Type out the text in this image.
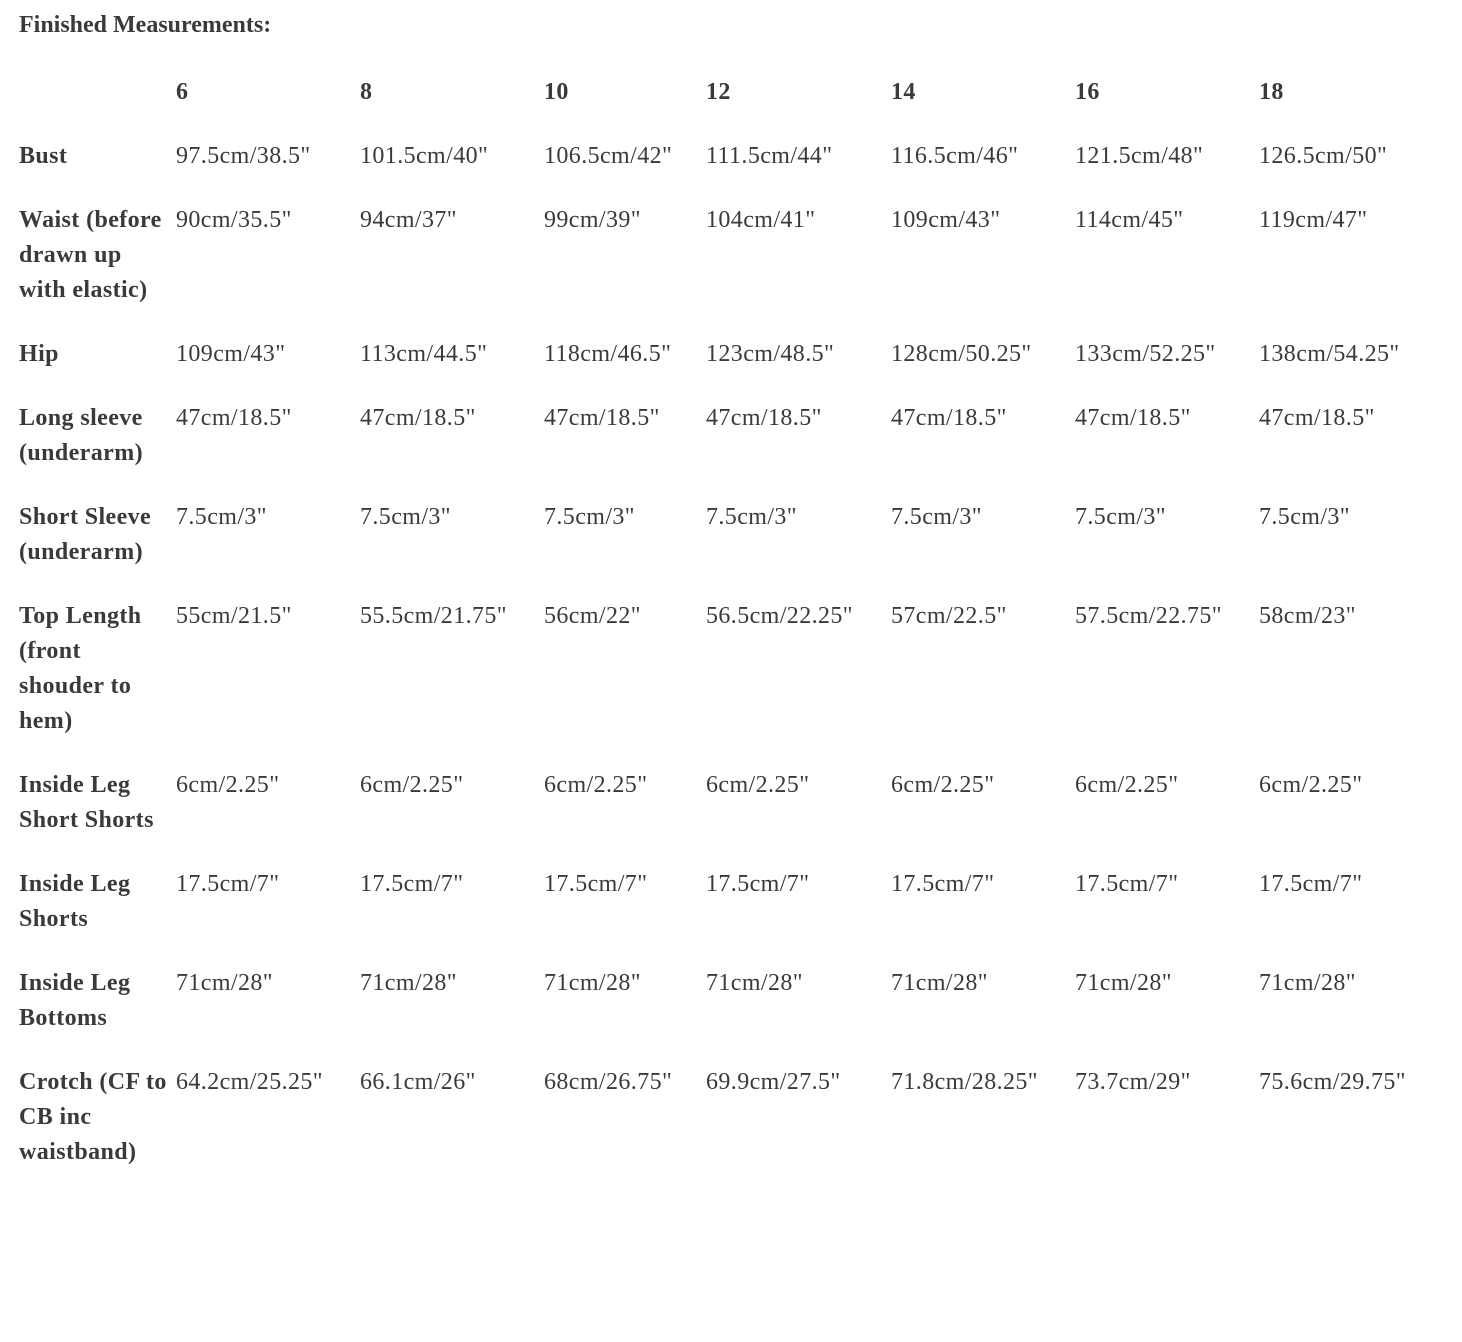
Finished Measurements:
	6	8	10	12	14	16	18
Bust	97.5cm/38.5"	101.5cm/40"	106.5cm/42"	111.5cm/44"	116.5cm/46"	121.5cm/48"	126.5cm/50"
Waist (before drawn up with elastic)	90cm/35.5"	94cm/37"	99cm/39"	104cm/41"	109cm/43"	114cm/45"	119cm/47"
Hip	109cm/43"	113cm/44.5"	118cm/46.5"	123cm/48.5"	128cm/50.25"	133cm/52.25"	138cm/54.25"
Long sleeve (underarm)	47cm/18.5"	47cm/18.5"	47cm/18.5"	47cm/18.5"	47cm/18.5"	47cm/18.5"	47cm/18.5"
Short Sleeve (underarm)	7.5cm/3"	7.5cm/3"	7.5cm/3"	7.5cm/3"	7.5cm/3"	7.5cm/3"	7.5cm/3"
Top Length (front shouder to hem)	55cm/21.5"	55.5cm/21.75"	56cm/22"	56.5cm/22.25"	57cm/22.5"	57.5cm/22.75"	58cm/23"
Inside Leg Short Shorts	6cm/2.25"	6cm/2.25"	6cm/2.25"	6cm/2.25"	6cm/2.25"	6cm/2.25"	6cm/2.25"
Inside Leg Shorts	17.5cm/7"	17.5cm/7"	17.5cm/7"	17.5cm/7"	17.5cm/7"	17.5cm/7"	17.5cm/7"
Inside Leg Bottoms	71cm/28"	71cm/28"	71cm/28"	71cm/28"	71cm/28"	71cm/28"	71cm/28"
Crotch (CF to CB inc waistband)	64.2cm/25.25"	66.1cm/26"	68cm/26.75"	69.9cm/27.5"	71.8cm/28.25"	73.7cm/29"	75.6cm/29.75"
